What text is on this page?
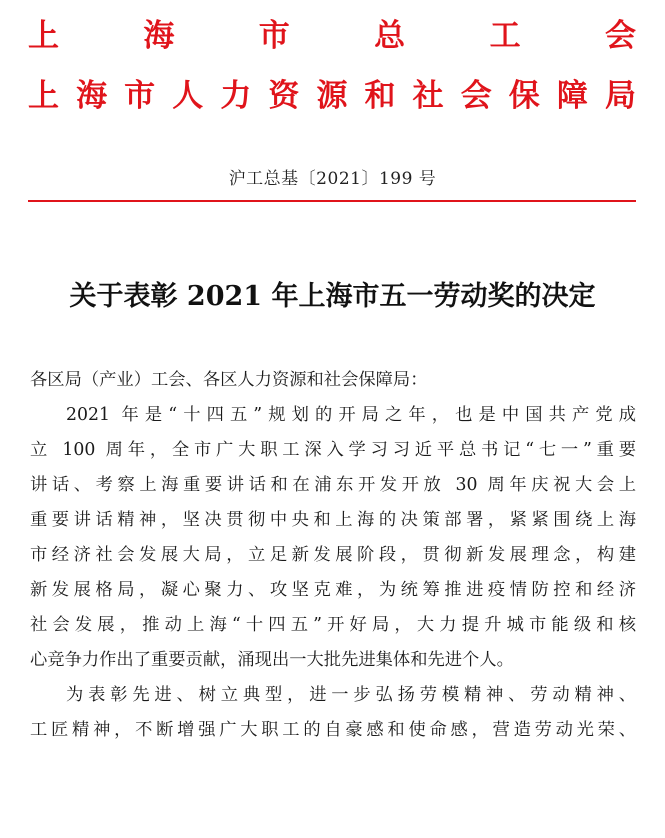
上	海	市	总	工	会
上 海 市 人 力 资 源 和 社 会 保 障 局
沪工总基〔2021〕199 号
关于表彰 2021 年上海市五一劳动奖的决定
各区局（产业）工会、各区人力资源和社会保障局：
2021 年是“十四五”规划的开局之年，也是中国共产党成
立 100 周年，全市广大职工深入学习习近平总书记“七一”重要
讲话、考察上海重要讲话和在浦东开发开放 30 周年庆祝大会上
重要讲话精神，坚决贯彻中央和上海的决策部署，紧紧围绕上海
市经济社会发展大局，立足新发展阶段，贯彻新发展理念，构建
新发展格局，凝心聚力、攻坚克难，为统筹推进疫情防控和经济
社会发展，推动上海“十四五”开好局，大力提升城市能级和核
心竞争力作出了重要贡献，涌现出一大批先进集体和先进个人。
为表彰先进、树立典型，进一步弘扬劳模精神、劳动精神、
工匠精神，不断增强广大职工的自豪感和使命感，营造劳动光荣、
